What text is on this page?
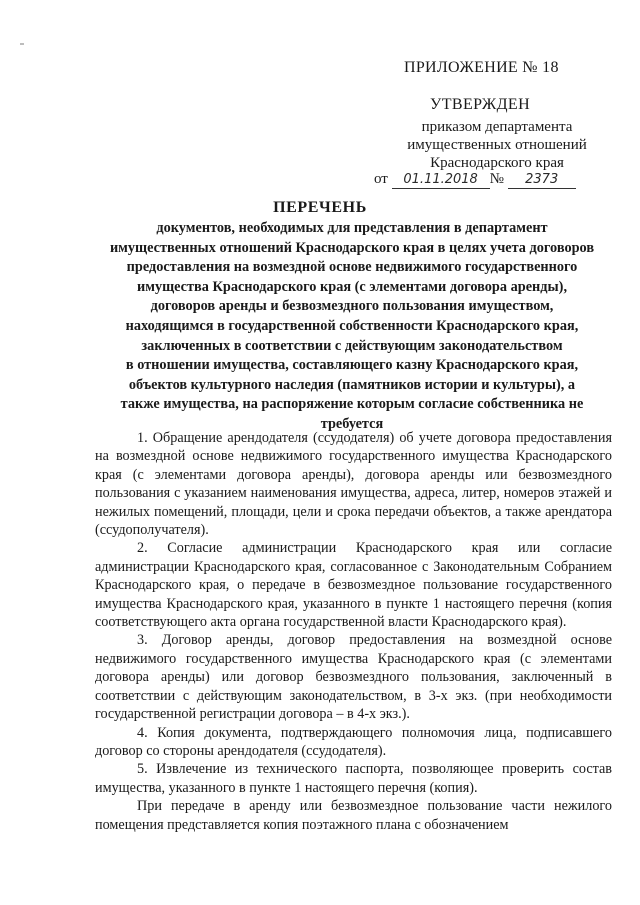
ПРИЛОЖЕНИЕ № 18
УТВЕРЖДЕН
приказом департамента
имущественных отношений
Краснодарского края
от 01.11.2018 № 2373
ПЕРЕЧЕНЬ
документов, необходимых для представления в департамент
имущественных отношений Краснодарского края в целях учета договоров
предоставления на возмездной основе недвижимого государственного
имущества Краснодарского края (с элементами договора аренды),
договоров аренды и безвозмездного пользования имуществом,
находящимся в государственной собственности Краснодарского края,
заключенных в соответствии с действующим законодательством
в отношении имущества, составляющего казну Краснодарского края,
объектов культурного наследия (памятников истории и культуры), а
также имущества, на распоряжение которым согласие собственника не
требуется

1. Обращение арендодателя (ссудодателя) об учете договора предоставления на возмездной основе недвижимого государственного имущества Краснодарского края (с элементами договора аренды), договора аренды или безвозмездного пользования с указанием наименования имущества, адреса, литер, номеров этажей и нежилых помещений, площади, цели и срока передачи объектов, а также арендатора (ссудополучателя).

2. Согласие администрации Краснодарского края или согласие администрации Краснодарского края, согласованное с Законодательным Собранием Краснодарского края, о передаче в безвозмездное пользование государственного имущества Краснодарского края, указанного в пункте 1 настоящего перечня (копия соответствующего акта органа государственной власти Краснодарского края).

3. Договор аренды, договор предоставления на возмездной основе недвижимого государственного имущества Краснодарского края (с элементами договора аренды) или договор безвозмездного пользования, заключенный в соответствии с действующим законодательством, в 3-х экз. (при необходимости государственной регистрации договора – в 4-х экз.).

4. Копия документа, подтверждающего полномочия лица, подписавшего договор со стороны арендодателя (ссудодателя).

5. Извлечение из технического паспорта, позволяющее проверить состав имущества, указанного в пункте 1 настоящего перечня (копия).

При передаче в аренду или безвозмездное пользование части нежилого помещения представляется копия поэтажного плана с обозначением
